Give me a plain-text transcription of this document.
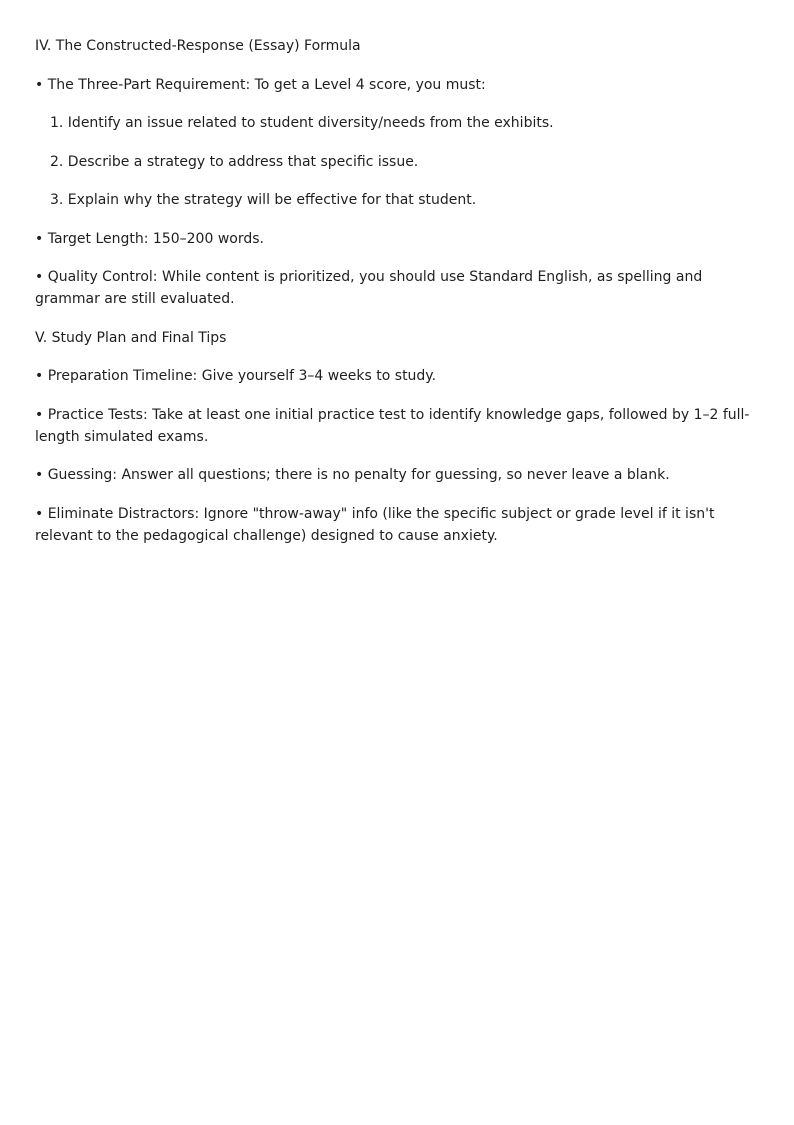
IV. The Constructed-Response (Essay) Formula

• The Three-Part Requirement: To get a Level 4 score, you must:

1. Identify an issue related to student diversity/needs from the exhibits.

2. Describe a strategy to address that specific issue.

3. Explain why the strategy will be effective for that student.

• Target Length: 150–200 words.

• Quality Control: While content is prioritized, you should use Standard English, as spelling and grammar are still evaluated.

V. Study Plan and Final Tips

• Preparation Timeline: Give yourself 3–4 weeks to study.

• Practice Tests: Take at least one initial practice test to identify knowledge gaps, followed by 1–2 full-length simulated exams.

• Guessing: Answer all questions; there is no penalty for guessing, so never leave a blank.

• Eliminate Distractors: Ignore "throw-away" info (like the specific subject or grade level if it isn't relevant to the pedagogical challenge) designed to cause anxiety.
